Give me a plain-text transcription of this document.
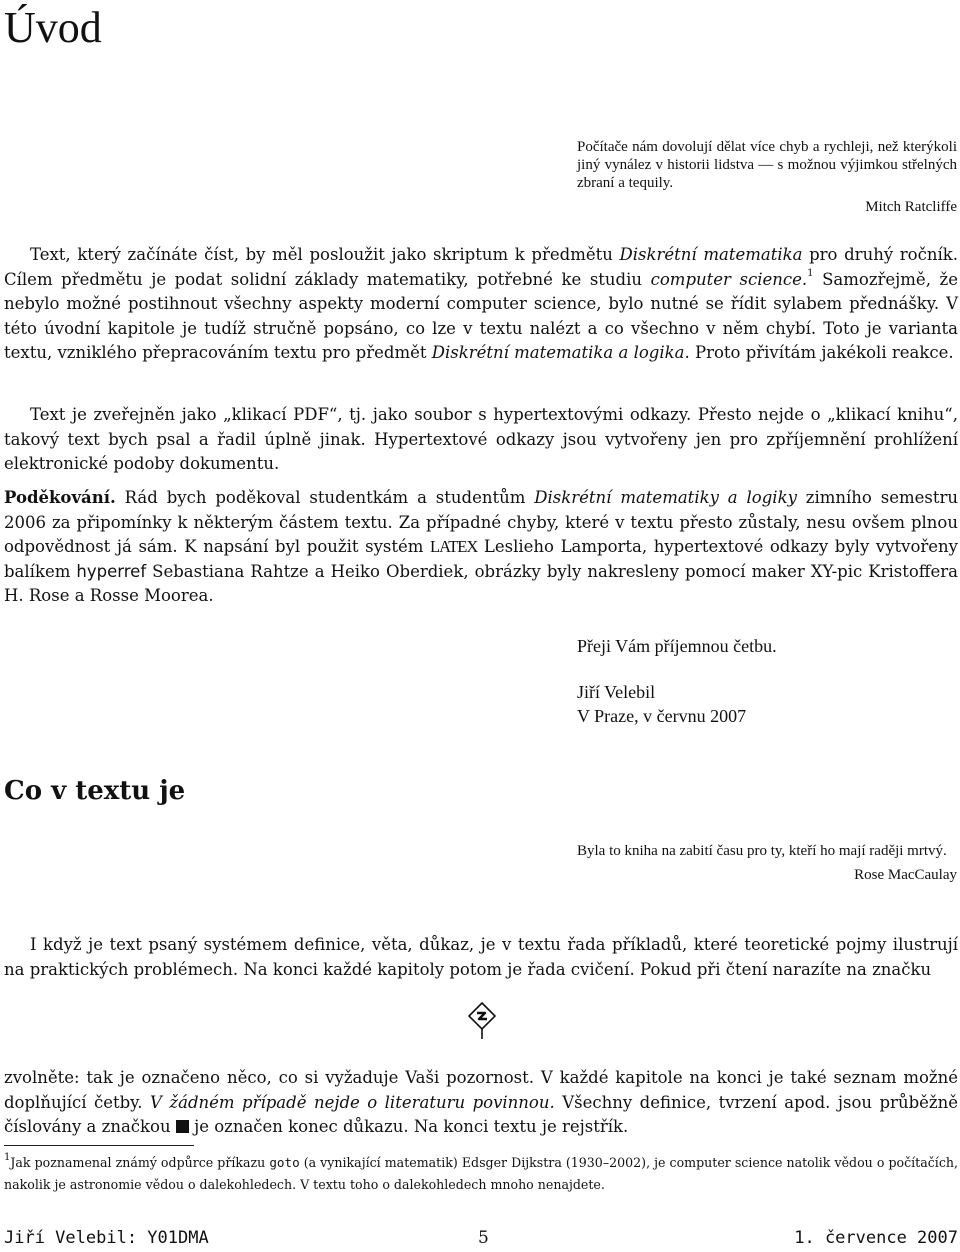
Úvod

Počítače nám dovolují dělat více chyb a rychleji, než kterýkoli jiný vynález v historii lidstva — s možnou výjimkou střelných zbraní a tequily.

Mitch Ratcliffe

Text, který začínáte číst, by měl posloužit jako skriptum k předmětu Diskrétní matematika pro druhý ročník. Cílem předmětu je podat solidní základy matematiky, potřebné ke studiu computer science.$^1$ Samozřejmě, že nebylo možné postihnout všechny aspekty moderní computer science, bylo nutné se řídit sylabem přednášky. V této úvodní kapitole je tudíž stručně popsáno, co lze v textu nalézt a co všechno v něm chybí. Toto je varianta textu, vzniklého přepracováním textu pro předmět Diskrétní matematika a logika. Proto přivítám jakékoli reakce.

Text je zveřejněn jako „klikací PDF“, tj. jako soubor s hypertextovými odkazy. Přesto nejde o „klikací knihu“, takový text bych psal a řadil úplně jinak. Hypertextové odkazy jsou vytvořeny jen pro zpříjemnění prohlížení elektronické podoby dokumentu.

Poděkování. Rád bych poděkoval studentkám a studentům Diskrétní matematiky a logiky zimního semestru 2006 za připomínky k některým částem textu. Za případné chyby, které v textu přesto zůstaly, nesu ovšem plnou odpovědnost já sám. K napsání byl použit systém LATEX Leslieho Lamporta, hypertextové odkazy byly vytvořeny balíkem hyperref Sebastiana Rahtze a Heiko Oberdiek, obrázky byly nakresleny pomocí maker XY-pic Kristoffera H. Rose a Rosse Moorea.

Přeji Vám příjemnou četbu.
Jiří Velebil
V Praze, v červnu 2007
Co v textu je

Byla to kniha na zabití času pro ty, kteří ho mají raději mrtvý.

Rose MacCaulay

I když je text psaný systémem definice, věta, důkaz, je v textu řada příkladů, které teoretické pojmy ilustrují na praktických problémech. Na konci každé kapitoly potom je řada cvičení. Pokud při čtení narazíte na značku

zvolněte: tak je označeno něco, co si vyžaduje Vaši pozornost. V každé kapitole na konci je také seznam možné doplňující četby. V žádném případě nejde o literaturu povinnou. Všechny definice, tvrzení apod. jsou průběžně číslovány a značkou  je označen konec důkazu. Na konci textu je rejstřík.

$^1$Jak poznamenal známý odpůrce příkazu goto (a vynikající matematik) Edsger Dijkstra (1930–2002), je computer science natolik vědou o počítačích, nakolik je astronomie vědou o dalekohledech. V textu toho o dalekohledech mnoho nenajdete.

Jiří Velebil: Y01DMA	5	1. července 2007
